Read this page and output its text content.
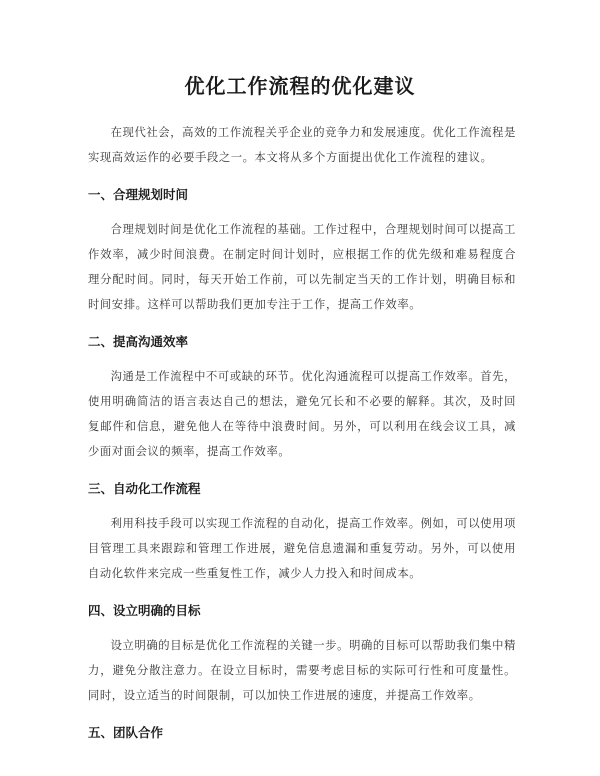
优化工作流程的优化建议

在现代社会，高效的工作流程关乎企业的竞争力和发展速度。优化工作流程是实现高效运作的必要手段之一。本文将从多个方面提出优化工作流程的建议。

一、合理规划时间

合理规划时间是优化工作流程的基础。工作过程中，合理规划时间可以提高工作效率，减少时间浪费。在制定时间计划时，应根据工作的优先级和难易程度合理分配时间。同时，每天开始工作前，可以先制定当天的工作计划，明确目标和时间安排。这样可以帮助我们更加专注于工作，提高工作效率。

二、提高沟通效率

沟通是工作流程中不可或缺的环节。优化沟通流程可以提高工作效率。首先，使用明确简洁的语言表达自己的想法，避免冗长和不必要的解释。其次，及时回复邮件和信息，避免他人在等待中浪费时间。另外，可以利用在线会议工具，减少面对面会议的频率，提高工作效率。

三、自动化工作流程

利用科技手段可以实现工作流程的自动化，提高工作效率。例如，可以使用项目管理工具来跟踪和管理工作进展，避免信息遗漏和重复劳动。另外，可以使用自动化软件来完成一些重复性工作，减少人力投入和时间成本。

四、设立明确的目标

设立明确的目标是优化工作流程的关键一步。明确的目标可以帮助我们集中精力，避免分散注意力。在设立目标时，需要考虑目标的实际可行性和可度量性。同时，设立适当的时间限制，可以加快工作进展的速度，并提高工作效率。

五、团队合作
